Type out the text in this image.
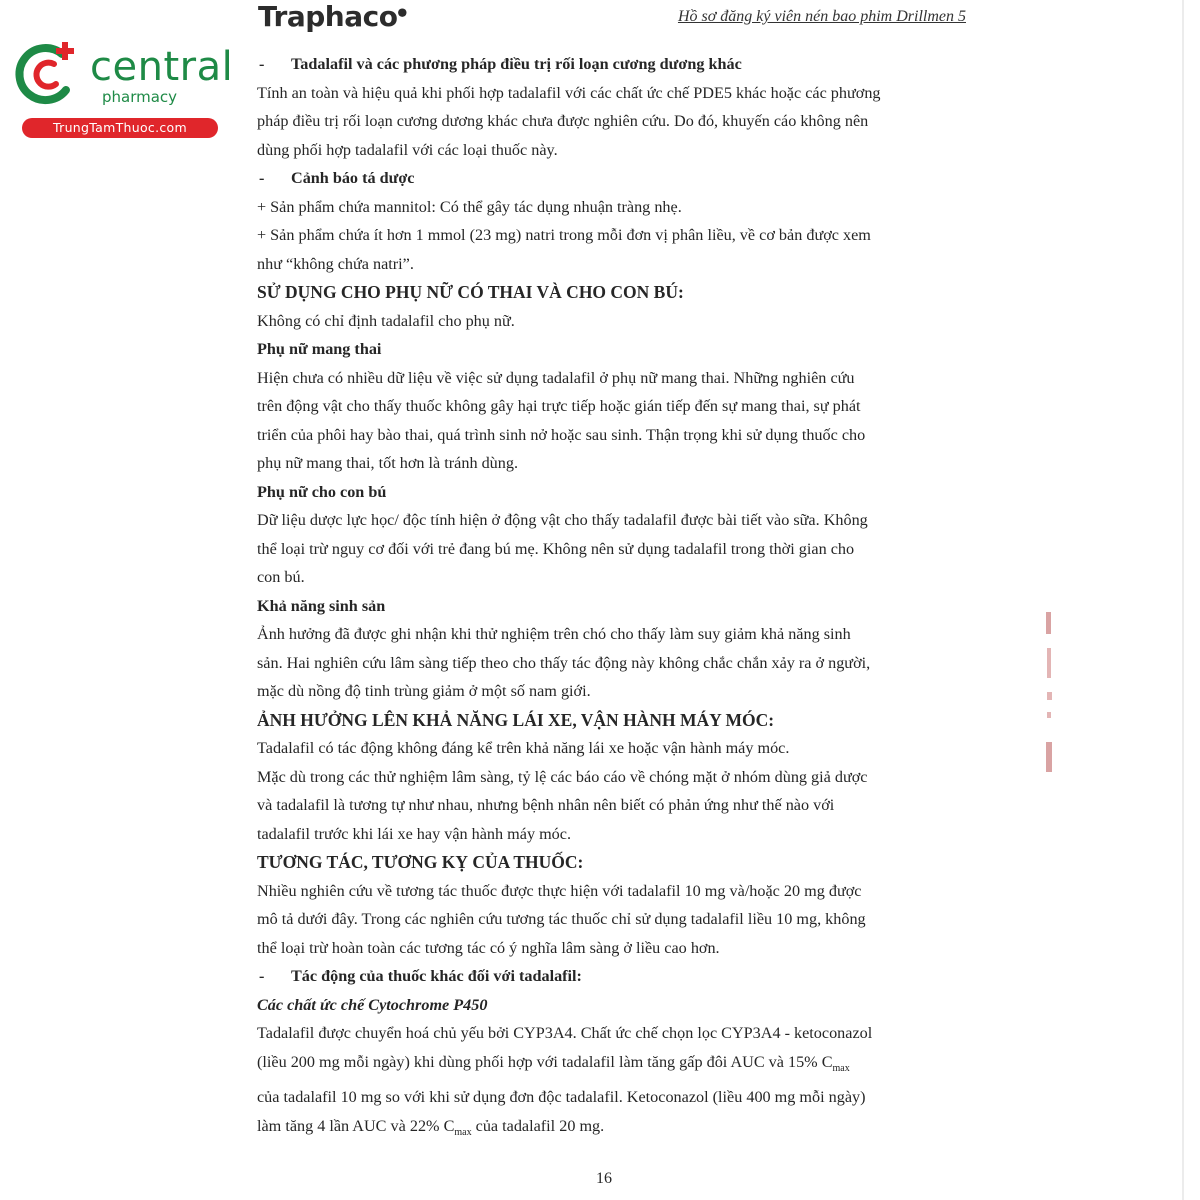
central
pharmacy
TrungTamThuoc.com
Traphaco●	Hồ sơ đăng ký viên nén bao phim Drillmen 5
- Tadalafil và các phương pháp điều trị rối loạn cương dương khác
Tính an toàn và hiệu quả khi phối hợp tadalafil với các chất ức chế PDE5 khác hoặc các phương
pháp điều trị rối loạn cương dương khác chưa được nghiên cứu. Do đó, khuyến cáo không nên
dùng phối hợp tadalafil với các loại thuốc này.
- Cảnh báo tá dược
+ Sản phẩm chứa mannitol: Có thể gây tác dụng nhuận tràng nhẹ.
+ Sản phẩm chứa ít hơn 1 mmol (23 mg) natri trong mỗi đơn vị phân liều, về cơ bản được xem
như “không chứa natri”.
SỬ DỤNG CHO PHỤ NỮ CÓ THAI VÀ CHO CON BÚ:
Không có chỉ định tadalafil cho phụ nữ.
Phụ nữ mang thai
Hiện chưa có nhiều dữ liệu về việc sử dụng tadalafil ở phụ nữ mang thai. Những nghiên cứu
trên động vật cho thấy thuốc không gây hại trực tiếp hoặc gián tiếp đến sự mang thai, sự phát
triển của phôi hay bào thai, quá trình sinh nở hoặc sau sinh. Thận trọng khi sử dụng thuốc cho
phụ nữ mang thai, tốt hơn là tránh dùng.
Phụ nữ cho con bú
Dữ liệu dược lực học/ độc tính hiện ở động vật cho thấy tadalafil được bài tiết vào sữa. Không
thể loại trừ nguy cơ đối với trẻ đang bú mẹ. Không nên sử dụng tadalafil trong thời gian cho
con bú.
Khả năng sinh sản
Ảnh hưởng đã được ghi nhận khi thử nghiệm trên chó cho thấy làm suy giảm khả năng sinh
sản. Hai nghiên cứu lâm sàng tiếp theo cho thấy tác động này không chắc chắn xảy ra ở người,
mặc dù nồng độ tinh trùng giảm ở một số nam giới.
ẢNH HƯỞNG LÊN KHẢ NĂNG LÁI XE, VẬN HÀNH MÁY MÓC:
Tadalafil có tác động không đáng kể trên khả năng lái xe hoặc vận hành máy móc.
Mặc dù trong các thử nghiệm lâm sàng, tỷ lệ các báo cáo về chóng mặt ở nhóm dùng giả dược
và tadalafil là tương tự như nhau, nhưng bệnh nhân nên biết có phản ứng như thế nào với
tadalafil trước khi lái xe hay vận hành máy móc.
TƯƠNG TÁC, TƯƠNG KỴ CỦA THUỐC:
Nhiều nghiên cứu về tương tác thuốc được thực hiện với tadalafil 10 mg và/hoặc 20 mg được
mô tả dưới đây. Trong các nghiên cứu tương tác thuốc chỉ sử dụng tadalafil liều 10 mg, không
thể loại trừ hoàn toàn các tương tác có ý nghĩa lâm sàng ở liều cao hơn.
- Tác động của thuốc khác đối với tadalafil:
Các chất ức chế Cytochrome P450
Tadalafil được chuyển hoá chủ yếu bởi CYP3A4. Chất ức chế chọn lọc CYP3A4 - ketoconazol
(liều 200 mg mỗi ngày) khi dùng phối hợp với tadalafil làm tăng gấp đôi AUC và 15% $C_{max}$
của tadalafil 10 mg so với khi sử dụng đơn độc tadalafil. Ketoconazol (liều 400 mg mỗi ngày)
làm tăng 4 lần AUC và 22% $C_{max}$ của tadalafil 20 mg.
16
